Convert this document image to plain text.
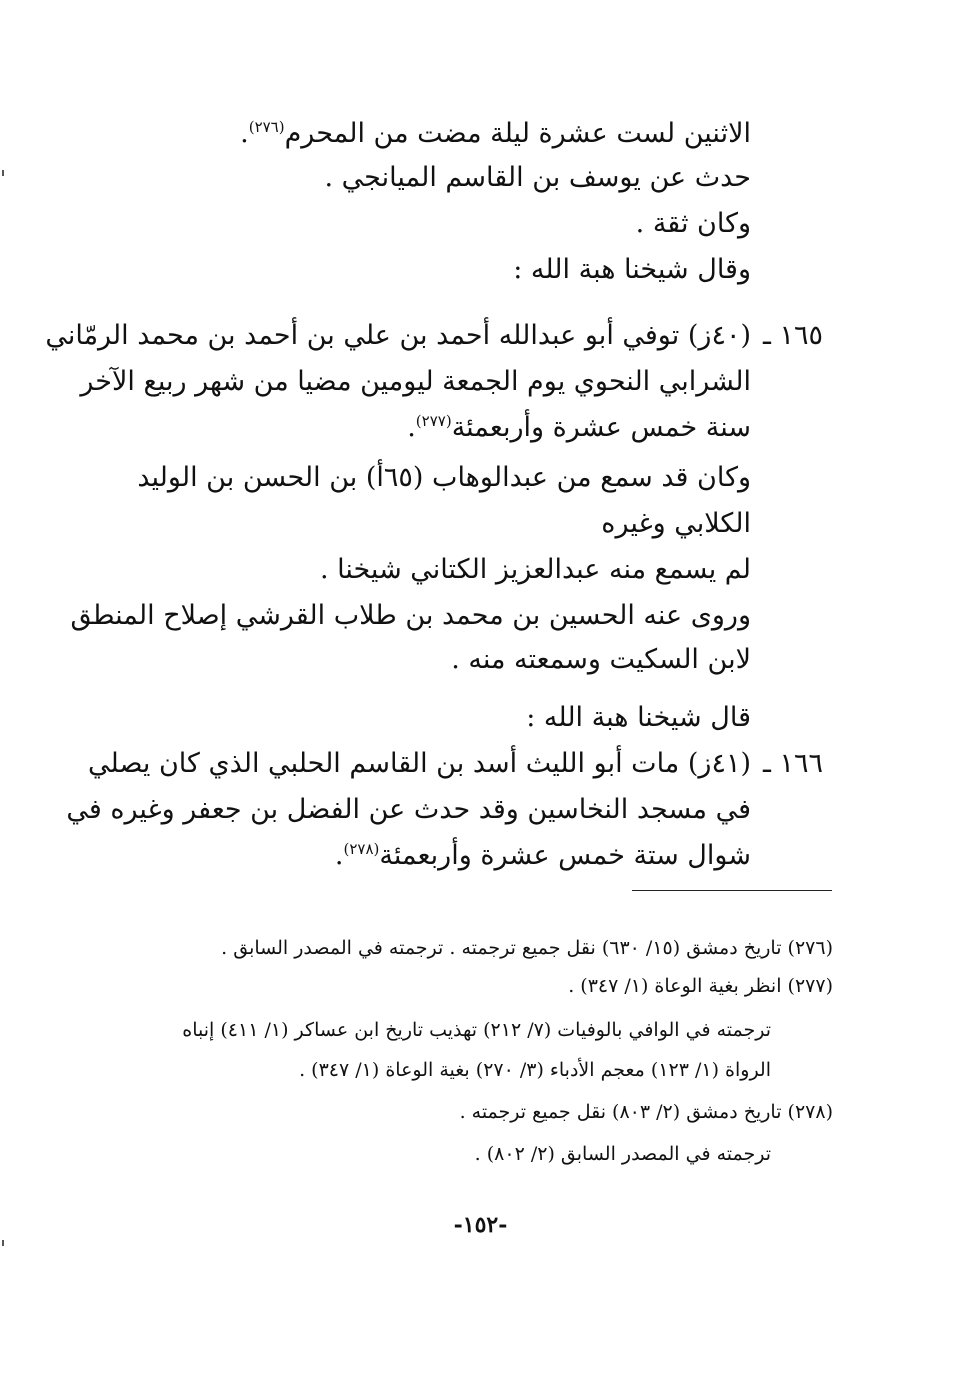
الاثنين لست عشرة ليلة مضت من المحرم$^{(٢٧٦)}$.
حدث عن يوسف بن القاسم الميانجي .
وكان ثقة .
وقال شيخنا هبة الله :
١٦٥ ـ
(٤٠ز) توفي أبو عبدالله أحمد بن علي بن أحمد بن محمد الرمّاني
الشرابي النحوي يوم الجمعة ليومين مضيا من شهر ربيع الآخر
سنة خمس عشرة وأربعمئة$^{(٢٧٧)}$.
وكان قد سمع من عبدالوهاب (٦٥أ) بن الحسن بن الوليد
الكلابي وغيره
لم يسمع منه عبدالعزيز الكتاني شيخنا .
وروى عنه الحسين بن محمد بن طلاب القرشي إصلاح المنطق
لابن السكيت وسمعته منه .
قال شيخنا هبة الله :
١٦٦ ـ
(٤١ز) مات أبو الليث أسد بن القاسم الحلبي الذي كان يصلي
في مسجد النخاسين وقد حدث عن الفضل بن جعفر وغيره في
شوال ستة خمس عشرة وأربعمئة$^{(٢٧٨)}$.
(٢٧٦) تاريخ دمشق (١٥/ ٦٣٠) نقل جميع ترجمته . ترجمته في المصدر السابق .
(٢٧٧) انظر بغية الوعاة (١/ ٣٤٧) .
ترجمته في الوافي بالوفيات (٧/ ٢١٢) تهذيب تاريخ ابن عساكر (١/ ٤١١) إنباه
الرواة (١/ ١٢٣) معجم الأدباء (٣/ ٢٧٠) بغية الوعاة (١/ ٣٤٧) .
(٢٧٨) تاريخ دمشق (٢/ ٨٠٣) نقل جميع ترجمته .
ترجمته في المصدر السابق (٢/ ٨٠٢) .
-١٥٢-
